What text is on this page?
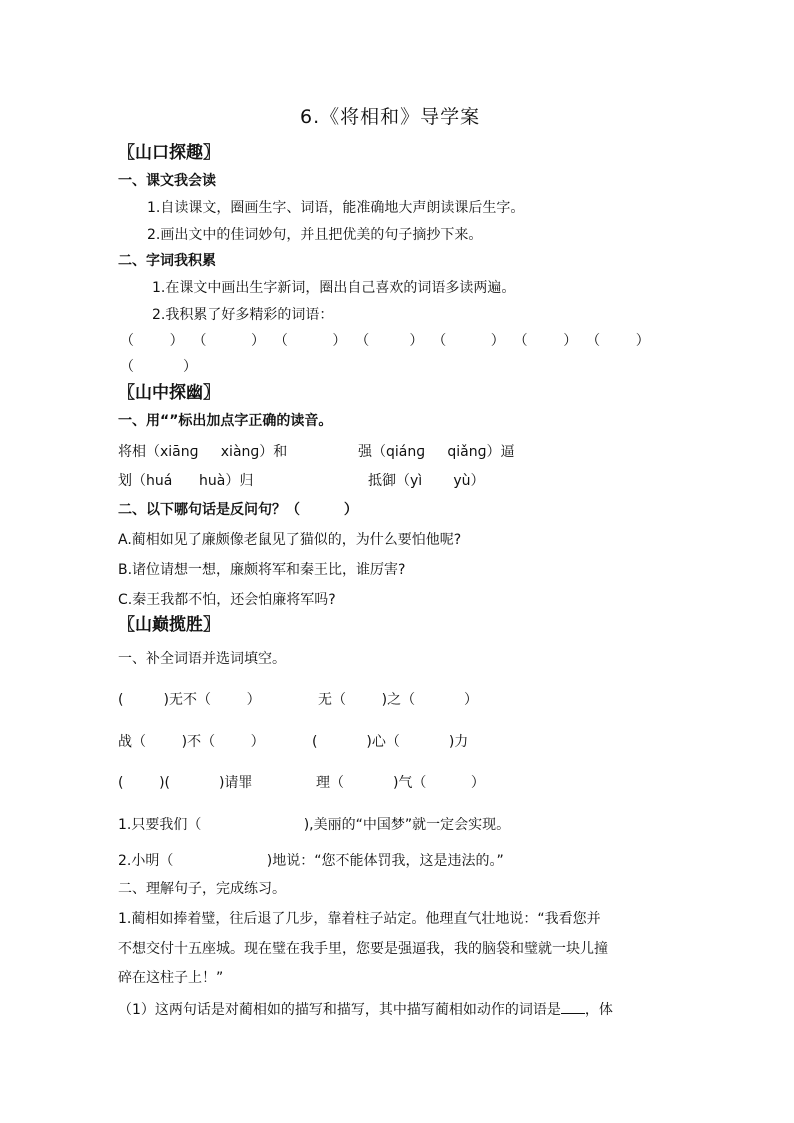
6.《将相和》导学案
〖山口探趣〗
一、课文我会读
1.自读课文，圈画生字、词语，能准确地大声朗读课后生字。
2.画出文中的佳词妙句，并且把优美的句子摘抄下来。
二、字词我积累
1.在课文中画出生字新词，圈出自己喜欢的词语多读两遍。
2.我积累了好多精彩的词语：
（        ）  （          ）  （          ）  （         ）  （          ）  （        ）  （        ）
（           ）
〖山中探幽〗
一、用“”标出加点字正确的读音。
将相（xiānɡ     xiànɡ）和	强（qiánɡ     qiǎnɡ）逼
划（huá      huà）归	抵御（yì       yù）
二、以下哪句话是反问句？（         ）
A.蔺相如见了廉颇像老鼠见了猫似的，为什么要怕他呢?
B.诸位请想一想，廉颇将军和秦王比，谁厉害?
C.秦王我都不怕，还会怕廉将军吗?
〖山巅揽胜〗
一、补全词语并选词填空。
(         )无不（        ）	无（        )之（           ）
战（        )不（        ）	(           )心（           )力
(        )(           )请罪	理（           )气（          ）
1.只要我们（                       ),美丽的“中国梦”就一定会实现。
2.小明（                     )地说：“您不能体罚我，这是违法的。”
二、理解句子，完成练习。
1.蔺相如捧着璧，往后退了几步，靠着柱子站定。他理直气壮地说：“我看您并
不想交付十五座城。现在璧在我手里，您要是强逼我，我的脑袋和璧就一块儿撞
碎在这柱子上！”
（1）这两句话是对蔺相如的描写和描写，其中描写蔺相如动作的词语是 ，体
